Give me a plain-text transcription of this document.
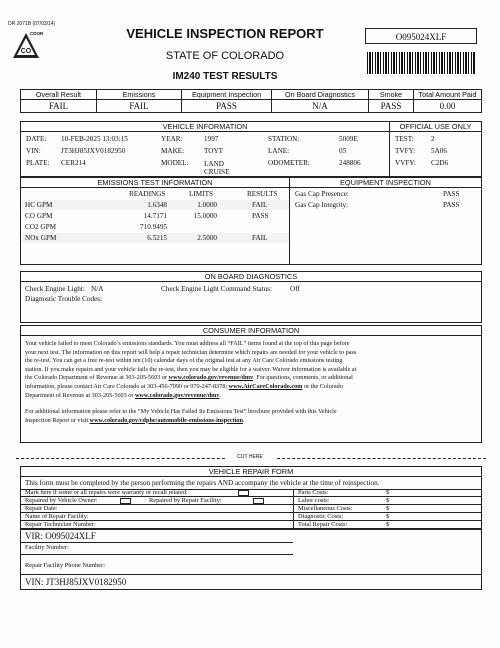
DR 2071B (07/03/14)
CO
CDOR	VEHICLE INSPECTION REPORT
STATE OF COLORADO
IM240 TEST RESULTS
O095024XLF
Overall Result	Emissions	Equipment Inspection	On Board Diagnostics	Smoke	Total Amount Paid
FAIL	FAIL	PASS	N/A	PASS	0.00
VEHICLE INFORMATION	OFFICIAL USE ONLY
DATE: 10-FEB-2025 13:03:15
VIN:	JT3HJ85JXV0182950
PLATE: CER214
YEAR:	1997
MAKE:	TOYT
MODEL: LAND CRUISE
STATION:	5009E
LANE:	05
ODOMETER:	248806
TEST: 2
TVFY: 5A06
VVFY: C2D6
EMISSIONS TEST INFORMATION	EQUIPMENT INSPECTION
READINGS	LIMITS	RESULTS
HC GPM	1.6348	1.0000	FAIL
CO GPM	14.7171	15.0000	PASS
CO2 GPM	710.9495
NOx GPM	6.5215	2.5000	FAIL
Gas Cap Presence:	PASS
Gas Cap Integrity:	PASS
ON BOARD DIAGNOSTICS
Check Engine Light: N/A	Check Engine Light Command Status:	Off
Diagnostic Trouble Codes:
CONSUMER INFORMATION
Your vehicle failed to meet Colorado’s emissions standards. You must address all “FAIL” items found at the top of this page before
your next test. The information on this report will help a repair technician determine which repairs are needed for your vehicle to pass
the re-test. You can get a free re-test within ten (10) calendar days of the original test at any Air Care Colorado emissions testing
station. If you make repairs and your vehicle fails the re-test, then you may be eligible for a waiver. Waiver information is available at
the Colorado Department of Revenue at 303-205-5603 or www.colorado.gov/revenue/dmv. For questions, comments, or additional
information, please contact Air Care Colorado at 303-456-7090 or 970-247-8378; www.AirCareColorado.com or the Colorado
Department of Revenue at 303-205-5603 or www.colorado.gov/revenue/dmv.
For additional information please refer to the “My Vehicle Has Failed Its Emissions Test” brochure provided with this Vehicle
Inspection Report or visit www.colorado.gov/cdphe/automobile-emissions-inspection.
CUT HERE
VEHICLE REPAIR FORM
This form must be completed by the person performing the repairs AND accompany the vehicle at the time of reinspection.
Mark here if some or all repairs were warranty or recall related:
Repaired by Vehicle Owner:	Repaired by Repair Facility:
Repair Date:
Name of Repair Facility:
Repair Technician Number:
Parts Costs:	$
Labor costs:	$
Miscellaneous Costs:	$
Diagnostic Costs:	$
Total Repair Costs:	$
VIR: O095024XLF
Facility Number:
Repair Facility Phone Number:
VIN: JT3HJ85JXV0182950
